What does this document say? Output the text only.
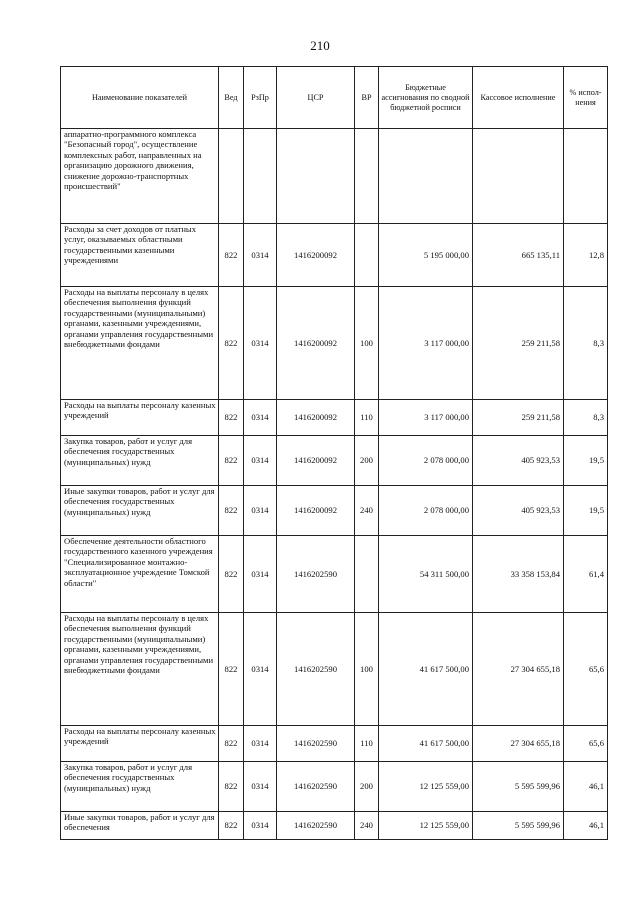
210
Наименование показателей	Вед	РзПр	ЦСР	ВР	Бюджетные ассигнования по сводной бюджетной росписи	Кассовое исполнение	% испол-нения
аппаратно-программного комплекса "Безопасный город", осуществление комплексных работ, направленных на организацию дорожного движения, снижение дорожно-транспортных происшествий"							
Расходы за счет доходов от платных услуг, оказываемых областными государственными казенными учреждениями	822	0314	1416200092		5 195 000,00	665 135,11	12,8
Расходы на выплаты персоналу в целях обеспечения выполнения функций государственными (муниципальными) органами, казенными учреждениями, органами управления государственными внебюджетными фондами	822	0314	1416200092	100	3 117 000,00	259 211,58	8,3
Расходы на выплаты персоналу казенных учреждений	822	0314	1416200092	110	3 117 000,00	259 211,58	8,3
Закупка товаров, работ и услуг для обеспечения государственных (муниципальных) нужд	822	0314	1416200092	200	2 078 000,00	405 923,53	19,5
Иные закупки товаров, работ и услуг для обеспечения государственных (муниципальных) нужд	822	0314	1416200092	240	2 078 000,00	405 923,53	19,5
Обеспечение деятельности областного государственного казенного учреждения "Специализированное монтажно-эксплуатационное учреждение Томской области"	822	0314	1416202590		54 311 500,00	33 358 153,84	61,4
Расходы на выплаты персоналу в целях обеспечения выполнения функций государственными (муниципальными) органами, казенными учреждениями, органами управления государственными внебюджетными фондами	822	0314	1416202590	100	41 617 500,00	27 304 655,18	65,6
Расходы на выплаты персоналу казенных учреждений	822	0314	1416202590	110	41 617 500,00	27 304 655,18	65,6
Закупка товаров, работ и услуг для обеспечения государственных (муниципальных) нужд	822	0314	1416202590	200	12 125 559,00	5 595 599,96	46,1
Иные закупки товаров, работ и услуг для обеспечения	822	0314	1416202590	240	12 125 559,00	5 595 599,96	46,1
